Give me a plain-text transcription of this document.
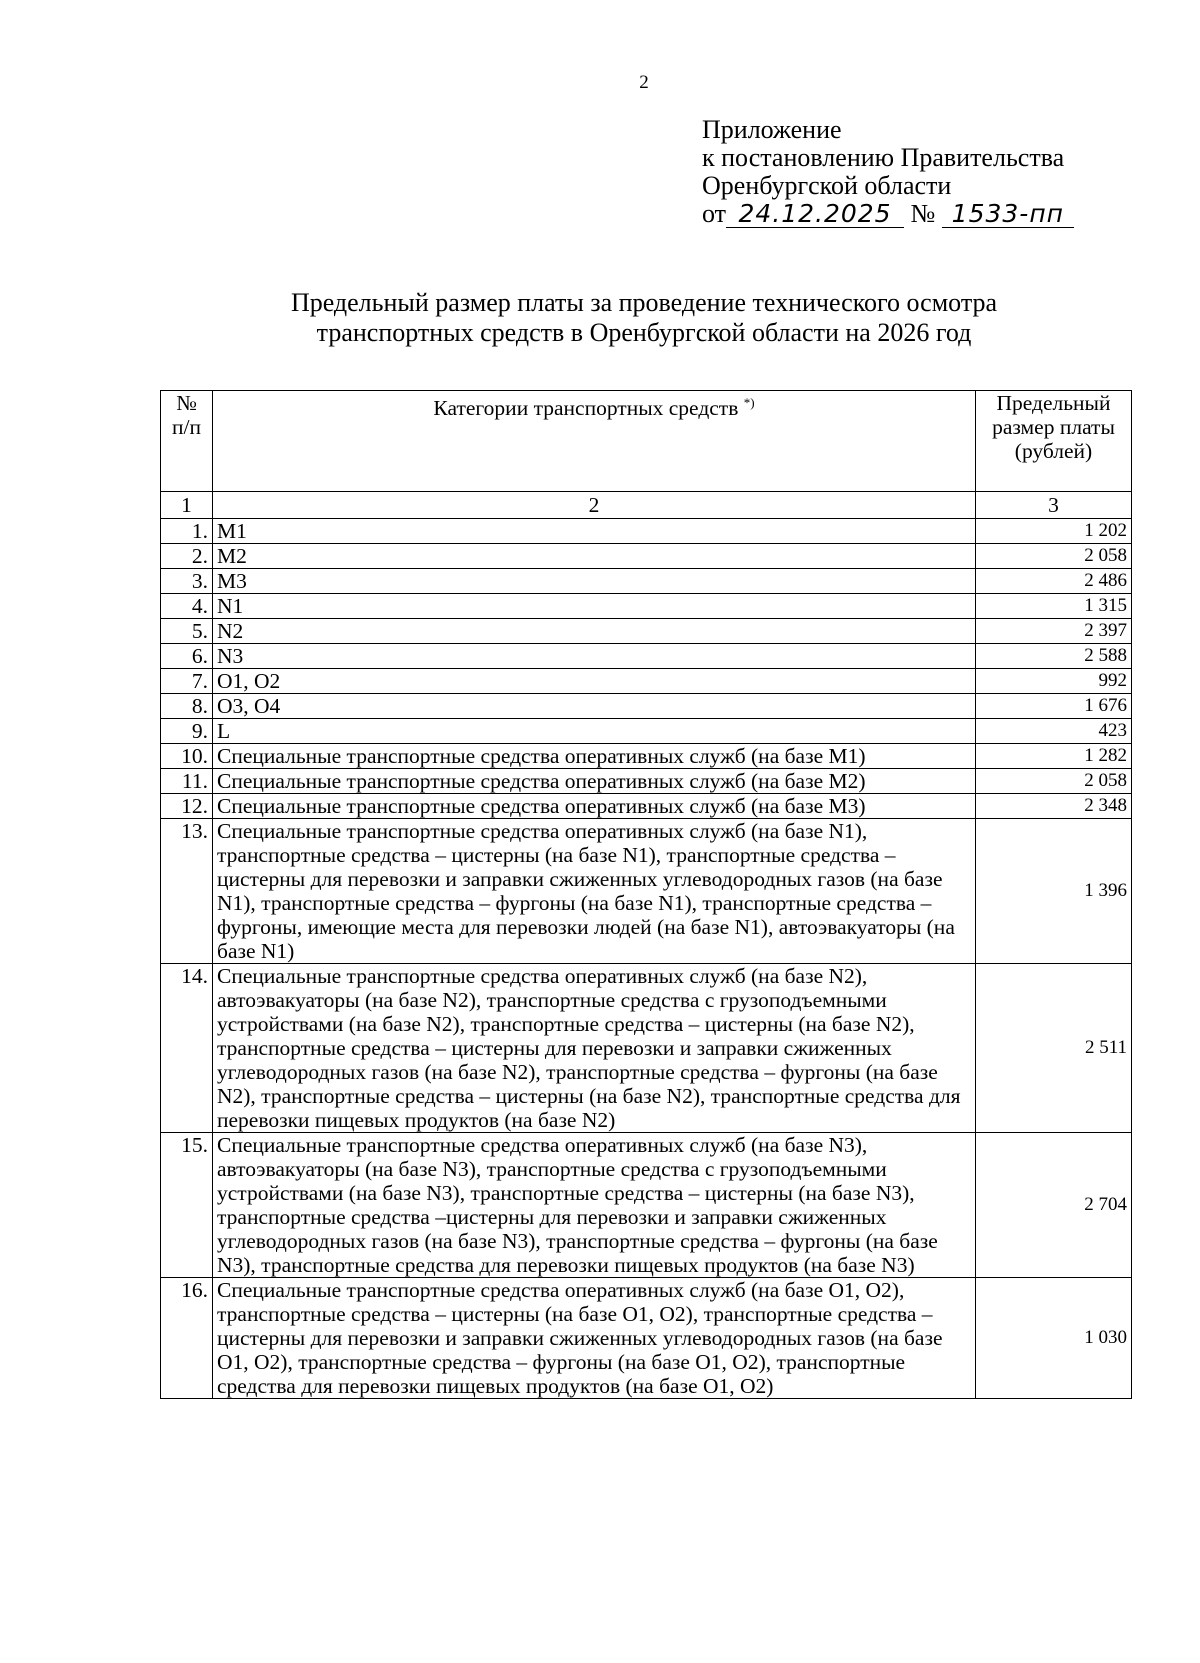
2
Приложение
к постановлению Правительства
Оренбургской области
от 24.12.2025 № 1533-пп
Предельный размер платы за проведение технического осмотра
транспортных средств в Оренбургской области на 2026 год
№ п/п	Категории транспортных средств *)	Предельный размер платы (рублей)
1	2	3
1.	M1	1 202
2.	M2	2 058
3.	M3	2 486
4.	N1	1 315
5.	N2	2 397
6.	N3	2 588
7.	O1, O2	992
8.	O3, O4	1 676
9.	L	423
10.	Специальные транспортные средства оперативных служб (на базе М1)	1 282
11.	Специальные транспортные средства оперативных служб (на базе М2)	2 058
12.	Специальные транспортные средства оперативных служб (на базе М3)	2 348
13.	Специальные транспортные средства оперативных служб (на базе N1), транспортные средства – цистерны (на базе N1), транспортные средства – цистерны для перевозки и заправки сжиженных углеводородных газов (на базе N1), транспортные средства – фургоны (на базе N1), транспортные средства – фургоны, имеющие места для перевозки людей (на базе N1), автоэвакуаторы (на базе N1)	1 396
14.	Специальные транспортные средства оперативных служб (на базе N2), автоэвакуаторы (на базе N2), транспортные средства с грузоподъемными устройствами (на базе N2), транспортные средства – цистерны (на базе N2), транспортные средства – цистерны для перевозки и заправки сжиженных углеводородных газов (на базе N2), транспортные средства – фургоны (на базе N2), транспортные средства – цистерны (на базе N2), транспортные средства для перевозки пищевых продуктов (на базе N2)	2 511
15.	Специальные транспортные средства оперативных служб (на базе N3), автоэвакуаторы (на базе N3), транспортные средства с грузоподъемными устройствами (на базе N3), транспортные средства – цистерны (на базе N3), транспортные средства –цистерны для перевозки и заправки сжиженных углеводородных газов (на базе N3), транспортные средства – фургоны (на базе N3), транспортные средства для перевозки пищевых продуктов (на базе N3)	2 704
16.	Специальные транспортные средства оперативных служб (на базе O1, O2), транспортные средства – цистерны (на базе O1, O2), транспортные средства – цистерны для перевозки и заправки сжиженных углеводородных газов (на базе O1, O2), транспортные средства – фургоны (на базе O1, O2), транспортные средства для перевозки пищевых продуктов (на базе O1, O2)	1 030
